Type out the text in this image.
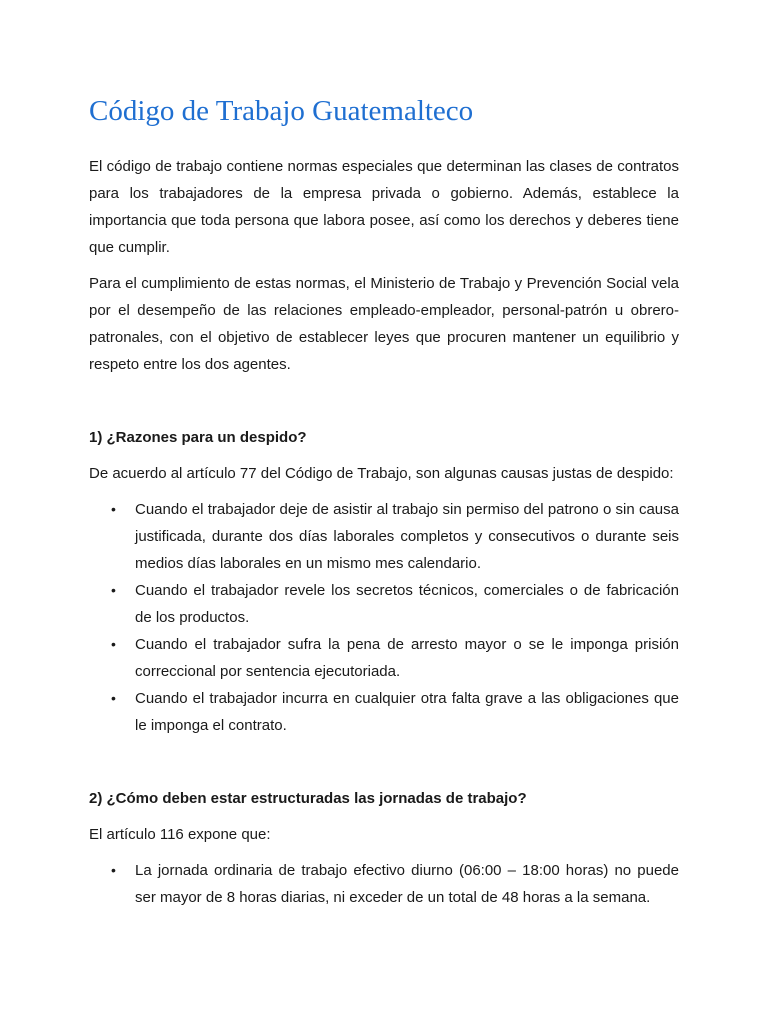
Código de Trabajo Guatemalteco

El código de trabajo contiene normas especiales que determinan las clases de contratos para los trabajadores de la empresa privada o gobierno. Además, establece la importancia que toda persona que labora posee, así como los derechos y deberes tiene que cumplir.

Para el cumplimiento de estas normas, el Ministerio de Trabajo y Prevención Social vela por el desempeño de las relaciones empleado-empleador, personal-patrón u obrero-patronales, con el objetivo de establecer leyes que procuren mantener un equilibrio y respeto entre los dos agentes.

1) ¿Razones para un despido?

De acuerdo al artículo 77 del Código de Trabajo, son algunas causas justas de despido:

• Cuando el trabajador deje de asistir al trabajo sin permiso del patrono o sin causa justificada, durante dos días laborales completos y consecutivos o durante seis medios días laborales en un mismo mes calendario.
• Cuando el trabajador revele los secretos técnicos, comerciales o de fabricación de los productos.
• Cuando el trabajador sufra la pena de arresto mayor o se le imponga prisión correccional por sentencia ejecutoriada.
• Cuando el trabajador incurra en cualquier otra falta grave a las obligaciones que le imponga el contrato.

2) ¿Cómo deben estar estructuradas las jornadas de trabajo?

El artículo 116 expone que:

• La jornada ordinaria de trabajo efectivo diurno (06:00 – 18:00 horas) no puede ser mayor de 8 horas diarias, ni exceder de un total de 48 horas a la semana.
